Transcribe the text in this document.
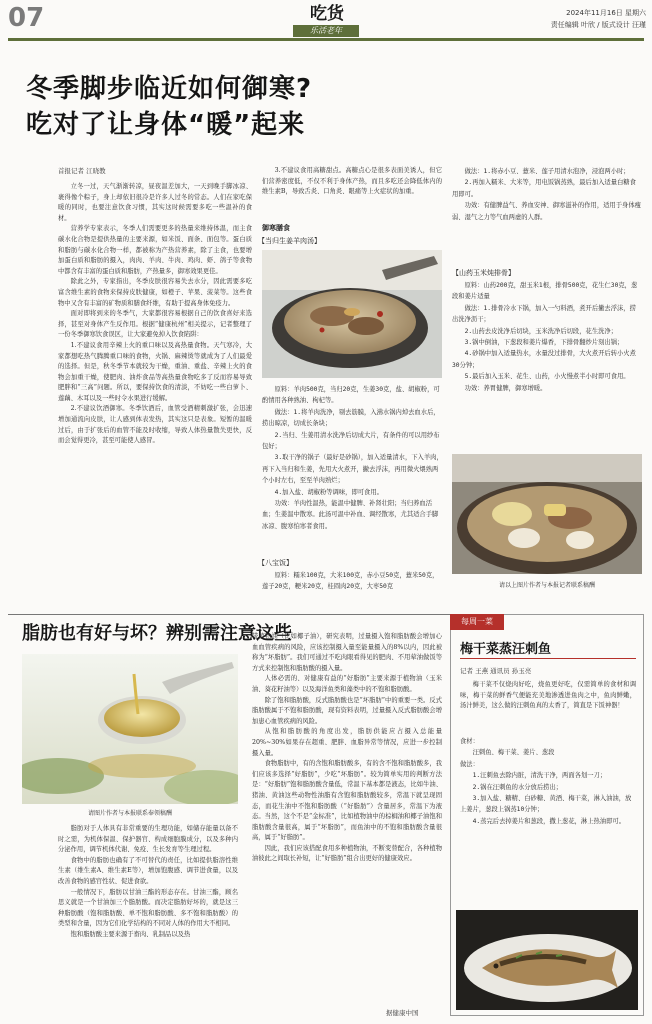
07	吃货
乐活老年
2024年11月16日 星期六
责任编辑 叶欣 / 版式设计 汪瑾
冬季脚步临近如何御寒?
吃对了让身体“暖”起来
首报记者 江晓教

立冬一过，天气渐渐转凉，昼夜温差加大，一天到晚手脚冰凉、裹得像个粽子，身上却依旧很冷是许多人过冬的常态。人们在家吃保暖的同时，也要注意饮食习惯，其实这时候需要多吃一些温补的食材。

营养学专家表示，冬季人们需要更多的热量来维持体温，而主食碳水化合物是提供热量的主要来源，如米饭、面条、面包等。蛋白质和脂肪与碳水化合物一样，都被称为产热营养素，除了主食，也要增加蛋白质和脂肪的摄入，肉肉、羊肉、牛肉、鸡肉、虾、鸽子等食物中都含有丰富的蛋白质和脂肪，产热量多，御寒效果更佳。

除此之外，专家指出，冬季皮肤很容易失去水分，因此需要多吃富含维生素的食物来保持皮肤健康，如橙子、苹果、菠菜等。这些食物中又含有丰富的矿物质和膳食纤维，有助于提高身体免疫力。

面对即将到来的冬季气，大家都很容易根据自己的饮食喜好来选择，甚至对身体产生反作用。根据“健康杭州”相关提示，记者整理了一份冬季御寒饮食误区，让大家避免掉入饮食陷阱：

1.不建议食用辛辣上火的重口味以及高热量食物。天气寒冷，大家都想吃热气腾腾重口味的食物，火锅、麻辣烫等就成为了人们最爱的选择。但是，秋冬季节本就较为干燥，重油、重盐、辛辣上火的食物会加重干燥，使肥肉、油炸食品等高热量食物吃多了反而容易导致肥胖和“三高”问题。所以，要保持饮食的清淡，不妨吃一些白萝卜、莲藕、木耳以及一些时令水果进行缓解。

2.不建议饮酒御寒。冬季饮酒后，血管受酒精刺激扩张，会迅速增加通流向皮肤，让人感到体表发热，其实这只是表象。短暂的温暖过后，由于扩张后的血管不能及时收缩，导致人体热量散失更快，反而会觉得更冷，甚至可能使人感冒。

3.不建议食用高糖甜点。高糖点心是很多表面美诱人，但它们营养密度低，不仅不利于身体产热，而且多吃还会降低体内的维生素B，导致舌炎、口角炎、眼痛等上火症状的加重。

御寒膳食
【当归生姜羊肉汤】

原料：羊肉500克，当归20克，生姜30克，盐、胡椒粉，可酌情用各种熟油、枸杞等。

做法：1.将羊肉洗净，剔去筋膜，入沸水锅内焯去血水后，捞出晾凉，切成长条块；

2.当归、生姜用清水洗净后切成大片，有条件的可以用纱布包好；

3.取干净的锅子（最好是砂锅），加入适量清水，下入羊肉，再下入当归和生姜，先用大火煮开，撇去浮沫，再用微火煨熟两个小时左右，至至羊肉熟烂；

4.加入盐、胡椒粉等调味，即可食用。

功效：羊肉性温热，能温中健脾、补肾壮阳；当归养血活血；生姜温中散寒。此汤可温中补血、调经散寒，尤其适合手脚冰凉、腹寒怕寒者食用。

【八宝饭】

原料：糯米100克，大米100克，赤小豆50克，薏米50克，莲子20克，粳米20克，桂圆肉20克，大枣50克

做法：1.将赤小豆、薏米、莲子用清水泡净，浸泡两小时；

2.再加入糯米、大米等，用电饭锅蒸熟，最后加入适量白糖食用即可。

功效：有健脾益气、养血安神、御寒滋补的作用，适用于身体瘦弱、湿气之力等气血两虚的人群。

【山药玉米炖排骨】

原料：山药200克，甜玉米1根，排骨500克，花生仁30克，葱段和姜片适量

做法：1.排骨冷水下锅，加入一勺料酒，煮开后撇去浮沫，捞出洗净沥干；

2.山药去皮洗净后切块，玉米洗净后切段，花生洗净；

3.锅中倒油，下葱段和姜片爆香，下排骨翻炒片刻出锅；

4.砂锅中加入适量热水，水量没过排骨，大火煮开后转小火煮30分钟；

5.最后加入玉米、花生、山药，小火慢煮半小时即可食用。

功效：养胃健脾，御寒增暖。

请以上图片作者与本报记者联系稿酬
脂肪也有好与坏？辨别需注意这些
请图片作者与本报联系奉领稿酬

脂肪对于人体具有非常重要的生理功能，如储存能量以备不时之需，为机体保温、保护器官、构成细胞膜成分，以及多种内分泌作用，调节机体代谢、免疫、生长发育等生理过程。

食物中的脂肪也确有了不可替代的责任，比如提供脂溶性维生素（维生素A、维生素E等），增加饱腹感、调节进食量，以及改善食物的感官性状、促进食欲。

一般情况下，脂肪以甘油三酯的形态存在。甘油三酯，顾名思义就是一个甘油加三个脂肪酸。而决定脂肪好坏的，就是这三种脂肪酸（饱和脂肪酸、单不饱和脂肪酸、多不饱和脂肪酸）的类型和含量，因为它们化学结构的不同对人体的作用大不相同。

饱和脂肪酸主要来源于畜肉、乳制品以及热

带植物油（比如椰子油），研究表明，过量摄入饱和脂肪酸会增加心血血管疾病的风险，应该控制摄入量至能量摄入的8%以内，因此被称为“坏脂肪”。我们可通过不吃肉眼看得见的肥肉、不用荤油做饭等方式来控制饱和脂肪酸的摄入量。

人体必需的、对健康有益的“好脂肪”主要来源于植物油（玉米油、葵花籽油等）以及海洋鱼类和藻类中的不饱和脂肪酸。

除了饱和脂肪酸，反式脂肪酸也是“坏脂肪”中的重要一类。反式脂肪酸属于不饱和脂肪酸，现有资料表明，过量摄入反式脂肪酸会增加患心血管疾病的风险。

从饱和脂肪酸的角度出发，脂肪供能应占摄入总能量20%~30%如果存在超重、肥胖、血脂异常等情况，应进一步控制摄入量。

食物脂肪中，有的含饱和脂肪酸多，有的含不饱和脂肪酸多，我们应该多选择“好脂肪”，少吃“坏脂肪”。较为简单实用的判断方法是：“好脂肪”饱和脂肪酸含量低，常温下基本都是液态，比如牛油、猪油、黄油这些动物性油脂有含饱和脂肪酸较多，常温下就呈现固态，而花生油中不饱和脂肪酸（“好脂肪”）含量居多，常温下为液态。当然，这个不是“金标准”，比如植物油中的棕榈油和椰子油饱和脂肪酸含量很高，属于“坏脂肪”，而鱼油中的不饱和脂肪酸含量很高，属于“好脂肪”。

因此，我们应该搭配食用多种植物油，不断变替配合，各种植物油彼此之间取长补短，让“好脂肪”组合出更好的健康效应。

据健康中国
每周一菜
梅干菜蒸汪刺鱼
记者 王燕 通讯员 孙玉亮

梅干菜不仅烧肉好吃，烧鱼更好吃，仅需简单的食材和调味，梅干菜的鲜香气便能充美地渗透进鱼肉之中，鱼肉鲜嫩，汤汁鲜美，这么做的汪刺鱼真的太香了，简直是下饭神器！

食材：

汪刺鱼、梅干菜、姜片、葱段

做法：

1.汪刺鱼去除内脏，清洗干净，两面各划一刀；

2.锅在汪刺鱼的水分放后捞出；

3.加入盐、糖精、白砂糖、黄酒、梅干菜，淋入油油，放上姜片，葱段上锅蒸10分钟；

4.蒸完后去掉姜片和葱段，撒上葱花，淋上热油即可。
